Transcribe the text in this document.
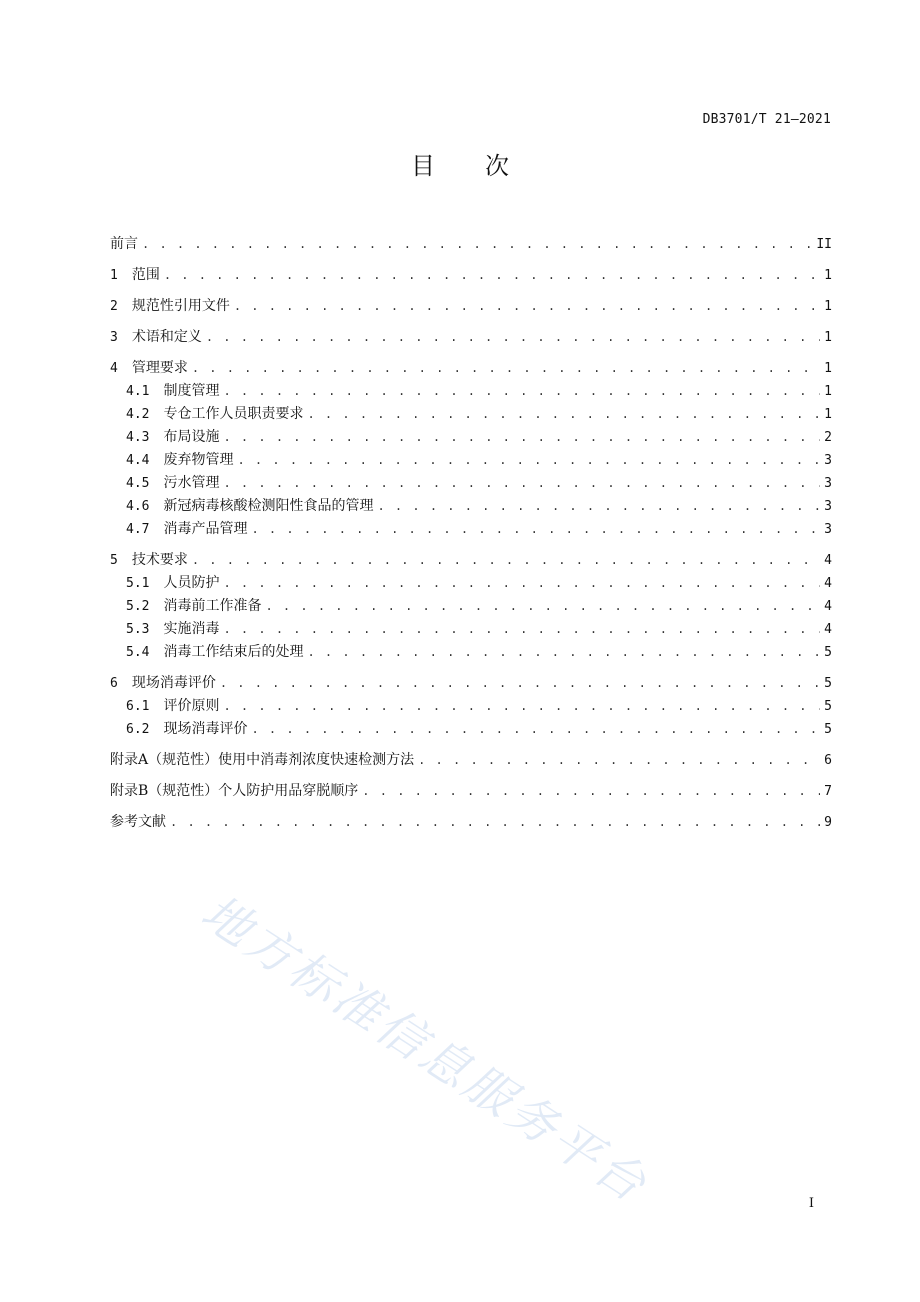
DB3701/T 21—2021
目 次
前言 . . .	II
1 范围 . . .	1
2 规范性引用文件 . . .	1
3 术语和定义 . . .	1
4 管理要求 . . .	1
4.1 制度管理 . . .	1
4.2 专仓工作人员职责要求 . . .	1
4.3 布局设施 . . .	2
4.4 废弃物管理 . . .	3
4.5 污水管理 . . .	3
4.6 新冠病毒核酸检测阳性食品的管理 . . .	3
4.7 消毒产品管理 . . .	3
5 技术要求 . . .	4
5.1 人员防护 . . .	4
5.2 消毒前工作准备 . . .	4
5.3 实施消毒 . . .	4
5.4 消毒工作结束后的处理 . . .	5
6 现场消毒评价 . . .	5
6.1 评价原则 . . .	5
6.2 现场消毒评价 . . .	5
附录A（规范性）使用中消毒剂浓度快速检测方法 . . .	6
附录B（规范性）个人防护用品穿脱顺序 . . .	7
参考文献 . . .	9
I
地方标准信息服务平台
